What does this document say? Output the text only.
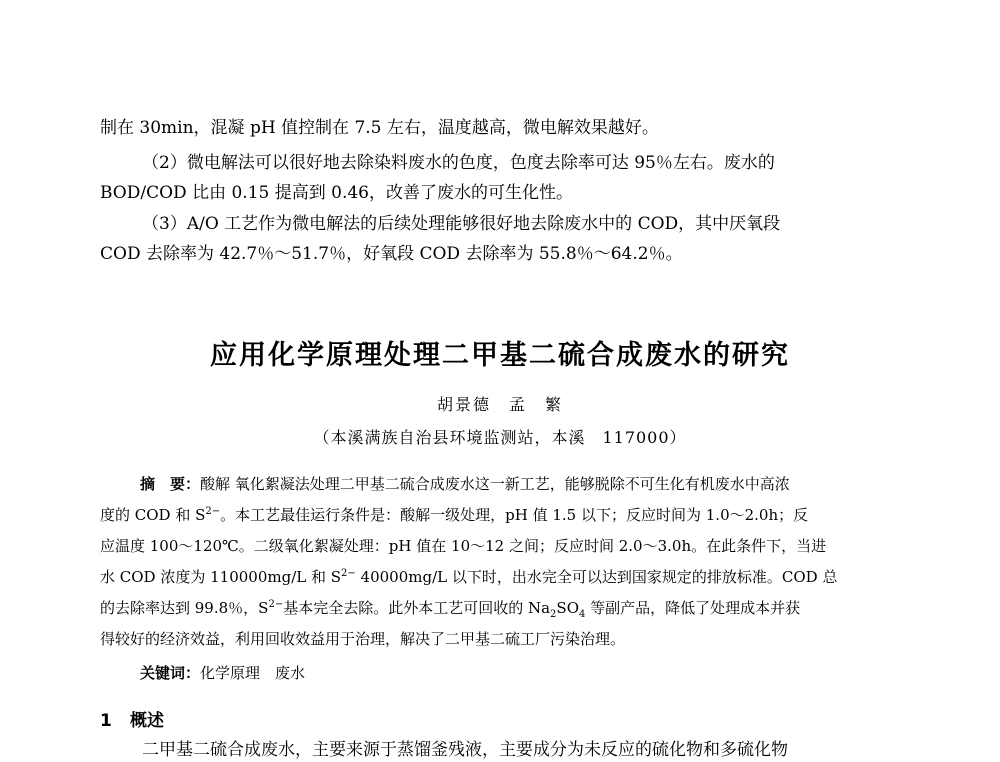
制在 30min，混凝 pH 值控制在 7.5 左右，温度越高，微电解效果越好。
（2）微电解法可以很好地去除染料废水的色度，色度去除率可达 95％左右。废水的
BOD/COD 比由 0.15 提高到 0.46，改善了废水的可生化性。
（3）A/O 工艺作为微电解法的后续处理能够很好地去除废水中的 COD，其中厌氧段
COD 去除率为 42.7％～51.7％，好氧段 COD 去除率为 55.8％～64.2％。
应用化学原理处理二甲基二硫合成废水的研究
胡景德　孟　繁
（本溪满族自治县环境监测站，本溪　117000）
摘　要：酸解 氧化絮凝法处理二甲基二硫合成废水这一新工艺，能够脱除不可生化有机废水中高浓
度的 COD 和 $S^{2-}$。本工艺最佳运行条件是：酸解一级处理，pH 值 1.5 以下；反应时间为 1.0～2.0h；反
应温度 100～120℃。二级氧化絮凝处理：pH 值在 10～12 之间；反应时间 2.0～3.0h。在此条件下，当进
水 COD 浓度为 110000mg/L 和 $S^{2-}$ 40000mg/L 以下时，出水完全可以达到国家规定的排放标准。COD 总
的去除率达到 99.8％，$S^{2-}$基本完全去除。此外本工艺可回收的 $Na_2SO_4$ 等副产品，降低了处理成本并获
得较好的经济效益，利用回收效益用于治理，解决了二甲基二硫工厂污染治理。
关键词：化学原理　废水
1 概述
二甲基二硫合成废水，主要来源于蒸馏釜残液，主要成分为未反应的硫化物和多硫化物
